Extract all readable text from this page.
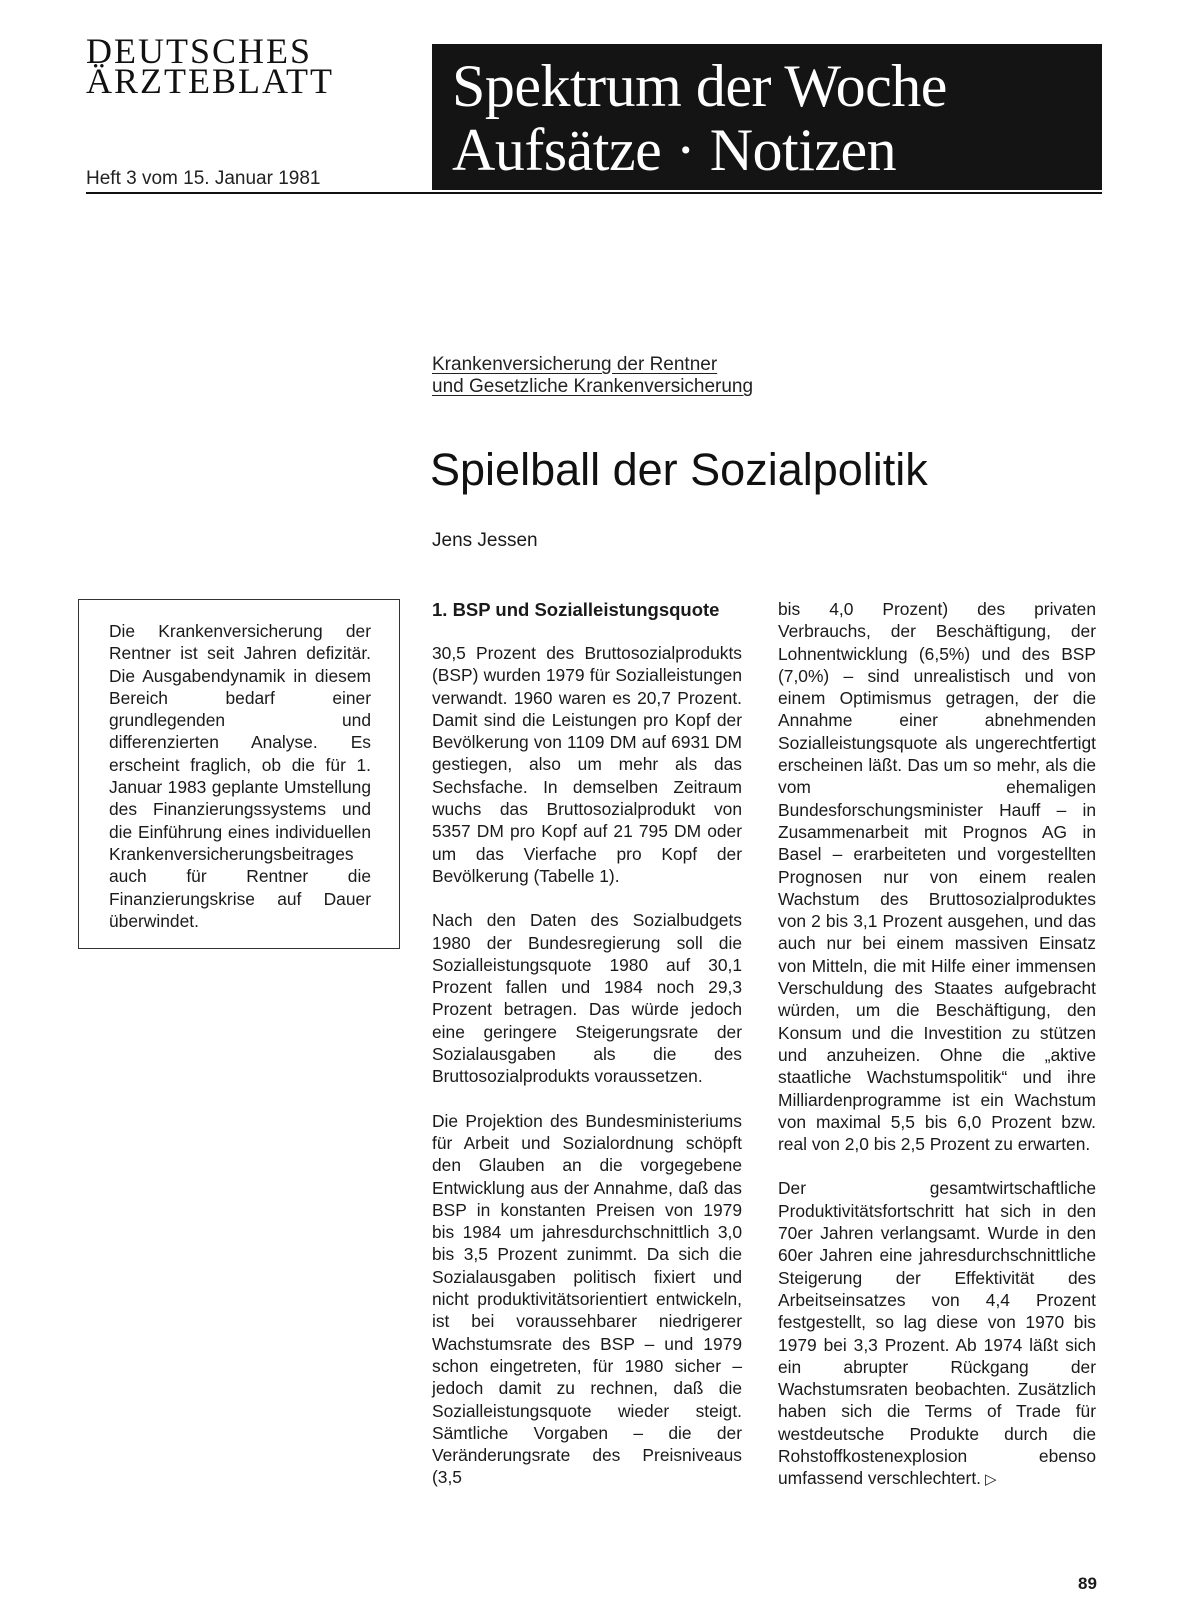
DEUTSCHES
ÄRZTEBLATT Spektrum der Woche
Aufsätze · Notizen
Heft 3 vom 15. Januar 1981
Krankenversicherung der Rentner
und Gesetzliche Krankenversicherung
Spielball der Sozialpolitik
Jens Jessen
Die Krankenversicherung der Rentner ist seit Jahren defizitär. Die Ausgabendynamik in diesem Bereich bedarf einer grundlegenden und differenzierten Analyse. Es erscheint fraglich, ob die für 1. Januar 1983 geplante Umstellung des Finanzierungssystems und die Einführung eines individuellen Krankenversicherungsbeitrages auch für Rentner die Finanzierungskrise auf Dauer überwindet.
1. BSP und Sozialleistungsquote

30,5 Prozent des Bruttosozialprodukts (BSP) wurden 1979 für Sozialleistungen verwandt. 1960 waren es 20,7 Prozent. Damit sind die Leistungen pro Kopf der Bevölkerung von 1109 DM auf 6931 DM gestiegen, also um mehr als das Sechsfache. In demselben Zeitraum wuchs das Bruttosozialprodukt von 5357 DM pro Kopf auf 21 795 DM oder um das Vierfache pro Kopf der Bevölkerung (Tabelle 1).

Nach den Daten des Sozialbudgets 1980 der Bundesregierung soll die Sozialleistungsquote 1980 auf 30,1 Prozent fallen und 1984 noch 29,3 Prozent betragen. Das würde jedoch eine geringere Steigerungsrate der Sozialausgaben als die des Bruttosozialprodukts voraussetzen.

Die Projektion des Bundesministeriums für Arbeit und Sozialordnung schöpft den Glauben an die vorgegebene Entwicklung aus der Annahme, daß das BSP in konstanten Preisen von 1979 bis 1984 um jahresdurchschnittlich 3,0 bis 3,5 Prozent zunimmt. Da sich die Sozialausgaben politisch fixiert und nicht produktivitätsorientiert entwickeln, ist bei voraussehbarer niedrigerer Wachstumsrate des BSP – und 1979 schon eingetreten, für 1980 sicher – jedoch damit zu rechnen, daß die Sozialleistungsquote wieder steigt. Sämtliche Vorgaben – die der Veränderungsrate des Preisniveaus (3,5

bis 4,0 Prozent) des privaten Verbrauchs, der Beschäftigung, der Lohnentwicklung (6,5%) und des BSP (7,0%) – sind unrealistisch und von einem Optimismus getragen, der die Annahme einer abnehmenden Sozialleistungsquote als ungerechtfertigt erscheinen läßt. Das um so mehr, als die vom ehemaligen Bundesforschungsminister Hauff – in Zusammenarbeit mit Prognos AG in Basel – erarbeiteten und vorgestellten Prognosen nur von einem realen Wachstum des Bruttosozialproduktes von 2 bis 3,1 Prozent ausgehen, und das auch nur bei einem massiven Einsatz von Mitteln, die mit Hilfe einer immensen Verschuldung des Staates aufgebracht würden, um die Beschäftigung, den Konsum und die Investition zu stützen und anzuheizen. Ohne die „aktive staatliche Wachstumspolitik“ und ihre Milliardenprogramme ist ein Wachstum von maximal 5,5 bis 6,0 Prozent bzw. real von 2,0 bis 2,5 Prozent zu erwarten.

Der gesamtwirtschaftliche Produktivitätsfortschritt hat sich in den 70er Jahren verlangsamt. Wurde in den 60er Jahren eine jahresdurchschnittliche Steigerung der Effektivität des Arbeitseinsatzes von 4,4 Prozent festgestellt, so lag diese von 1970 bis 1979 bei 3,3 Prozent. Ab 1974 läßt sich ein abrupter Rückgang der Wachstumsraten beobachten. Zusätzlich haben sich die Terms of Trade für westdeutsche Produkte durch die Rohstoffkostenexplosion ebenso umfassend verschlechtert. ▷

89
